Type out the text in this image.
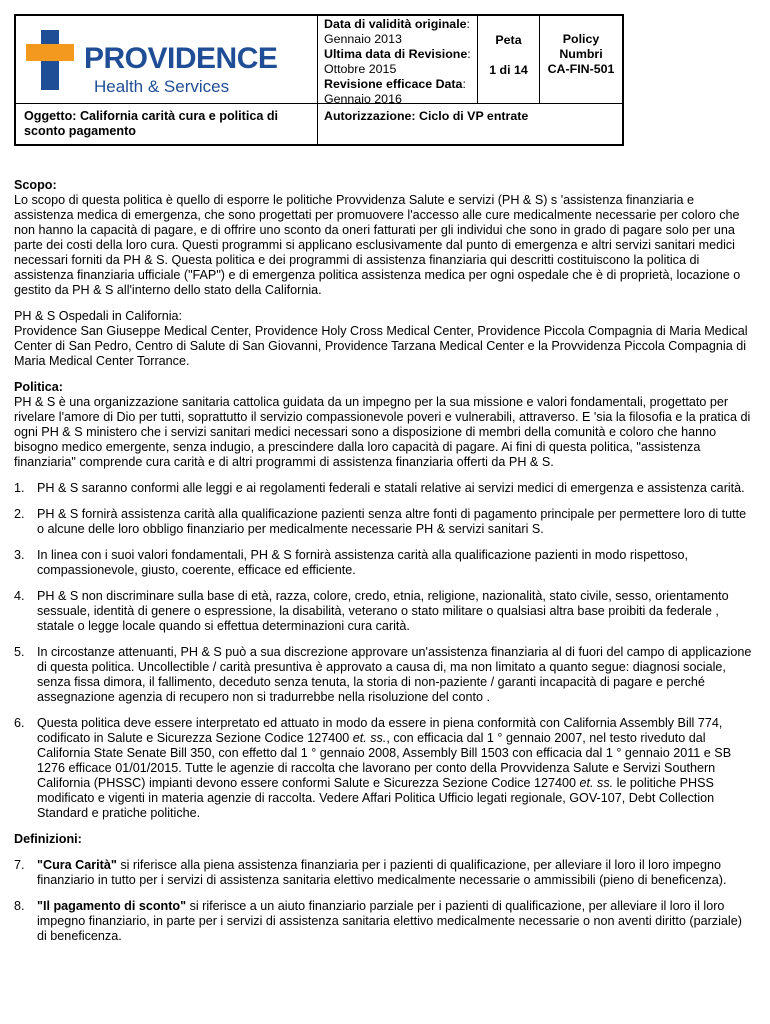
PROVIDENCE
Health & Services
Oggetto: California carità cura e politica di sconto pagamento
Data di validità originale:
Gennaio 2013
Ultima data di Revisione:
Ottobre 2015
Revisione efficace Data:
Gennaio 2016
Peta
1 di 14
Policy
Numbri
CA-FIN-501
Autorizzazione: Ciclo di VP entrate

Scopo:

Lo scopo di questa politica è quello di esporre le politiche Provvidenza Salute e servizi (PH & S) s 'assistenza finanziaria e assistenza medica di emergenza, che sono progettati per promuovere l'accesso alle cure medicalmente necessarie per coloro che non hanno la capacità di pagare, e di offrire uno sconto da oneri fatturati per gli individui che sono in grado di pagare solo per una parte dei costi della loro cura. Questi programmi si applicano esclusivamente dal punto di emergenza e altri servizi sanitari medici necessari forniti da PH & S. Questa politica e dei programmi di assistenza finanziaria qui descritti costituiscono la politica di assistenza finanziaria ufficiale ("FAP") e di emergenza politica assistenza medica per ogni ospedale che è di proprietà, locazione o gestito da PH & S all'interno dello stato della California.

PH & S Ospedali in California:

Providence San Giuseppe Medical Center, Providence Holy Cross Medical Center, Providence Piccola Compagnia di Maria Medical Center di San Pedro, Centro di Salute di San Giovanni, Providence Tarzana Medical Center e la Provvidenza Piccola Compagnia di Maria Medical Center Torrance.

Politica:

PH & S è una organizzazione sanitaria cattolica guidata da un impegno per la sua missione e valori fondamentali, progettato per rivelare l'amore di Dio per tutti, soprattutto il servizio compassionevole poveri e vulnerabili, attraverso. E 'sia la filosofia e la pratica di ogni PH & S ministero che i servizi sanitari medici necessari sono a disposizione di membri della comunità e coloro che hanno bisogno medico emergente, senza indugio, a prescindere dalla loro capacità di pagare. Ai fini di questa politica, "assistenza finanziaria" comprende cura carità e di altri programmi di assistenza finanziaria offerti da PH & S.

1. PH & S saranno conformi alle leggi e ai regolamenti federali e statali relative ai servizi medici di emergenza e assistenza carità.

2. PH & S fornirà assistenza carità alla qualificazione pazienti senza altre fonti di pagamento principale per permettere loro di tutte o alcune delle loro obbligo finanziario per medicalmente necessarie PH & servizi sanitari S.

3. In linea con i suoi valori fondamentali, PH & S fornirà assistenza carità alla qualificazione pazienti in modo rispettoso, compassionevole, giusto, coerente, efficace ed efficiente.

4. PH & S non discriminare sulla base di età, razza, colore, credo, etnia, religione, nazionalità, stato civile, sesso, orientamento sessuale, identità di genere o espressione, la disabilità, veterano o stato militare o qualsiasi altra base proibiti da federale , statale o legge locale quando si effettua determinazioni cura carità.

5. In circostanze attenuanti, PH & S può a sua discrezione approvare un'assistenza finanziaria al di fuori del campo di applicazione di questa politica. Uncollectible / carità presuntiva è approvato a causa di, ma non limitato a quanto segue: diagnosi sociale, senza fissa dimora, il fallimento, deceduto senza tenuta, la storia di non-paziente / garanti incapacità di pagare e perché assegnazione agenzia di recupero non si tradurrebbe nella risoluzione del conto .

6. Questa politica deve essere interpretato ed attuato in modo da essere in piena conformità con California Assembly Bill 774, codificato in Salute e Sicurezza Sezione Codice 127400 et. ss., con efficacia dal 1 ° gennaio 2007, nel testo riveduto dal California State Senate Bill 350, con effetto dal 1 ° gennaio 2008, Assembly Bill 1503 con efficacia dal 1 ° gennaio 2011 e SB 1276 efficace 01/01/2015. Tutte le agenzie di raccolta che lavorano per conto della Provvidenza Salute e Servizi Southern California (PHSSC) impianti devono essere conformi Salute e Sicurezza Sezione Codice 127400 et. ss. le politiche PHSS modificato e vigenti in materia agenzie di raccolta. Vedere Affari Politica Ufficio legati regionale, GOV-107, Debt Collection Standard e pratiche politiche.

Definizioni:

7. "Cura Carità" si riferisce alla piena assistenza finanziaria per i pazienti di qualificazione, per alleviare il loro il loro impegno finanziario in tutto per i servizi di assistenza sanitaria elettivo medicalmente necessarie o ammissibili (pieno di beneficenza).

8. "Il pagamento di sconto" si riferisce a un aiuto finanziario parziale per i pazienti di qualificazione, per alleviare il loro il loro impegno finanziario, in parte per i servizi di assistenza sanitaria elettivo medicalmente necessarie o non aventi diritto (parziale) di beneficenza.
